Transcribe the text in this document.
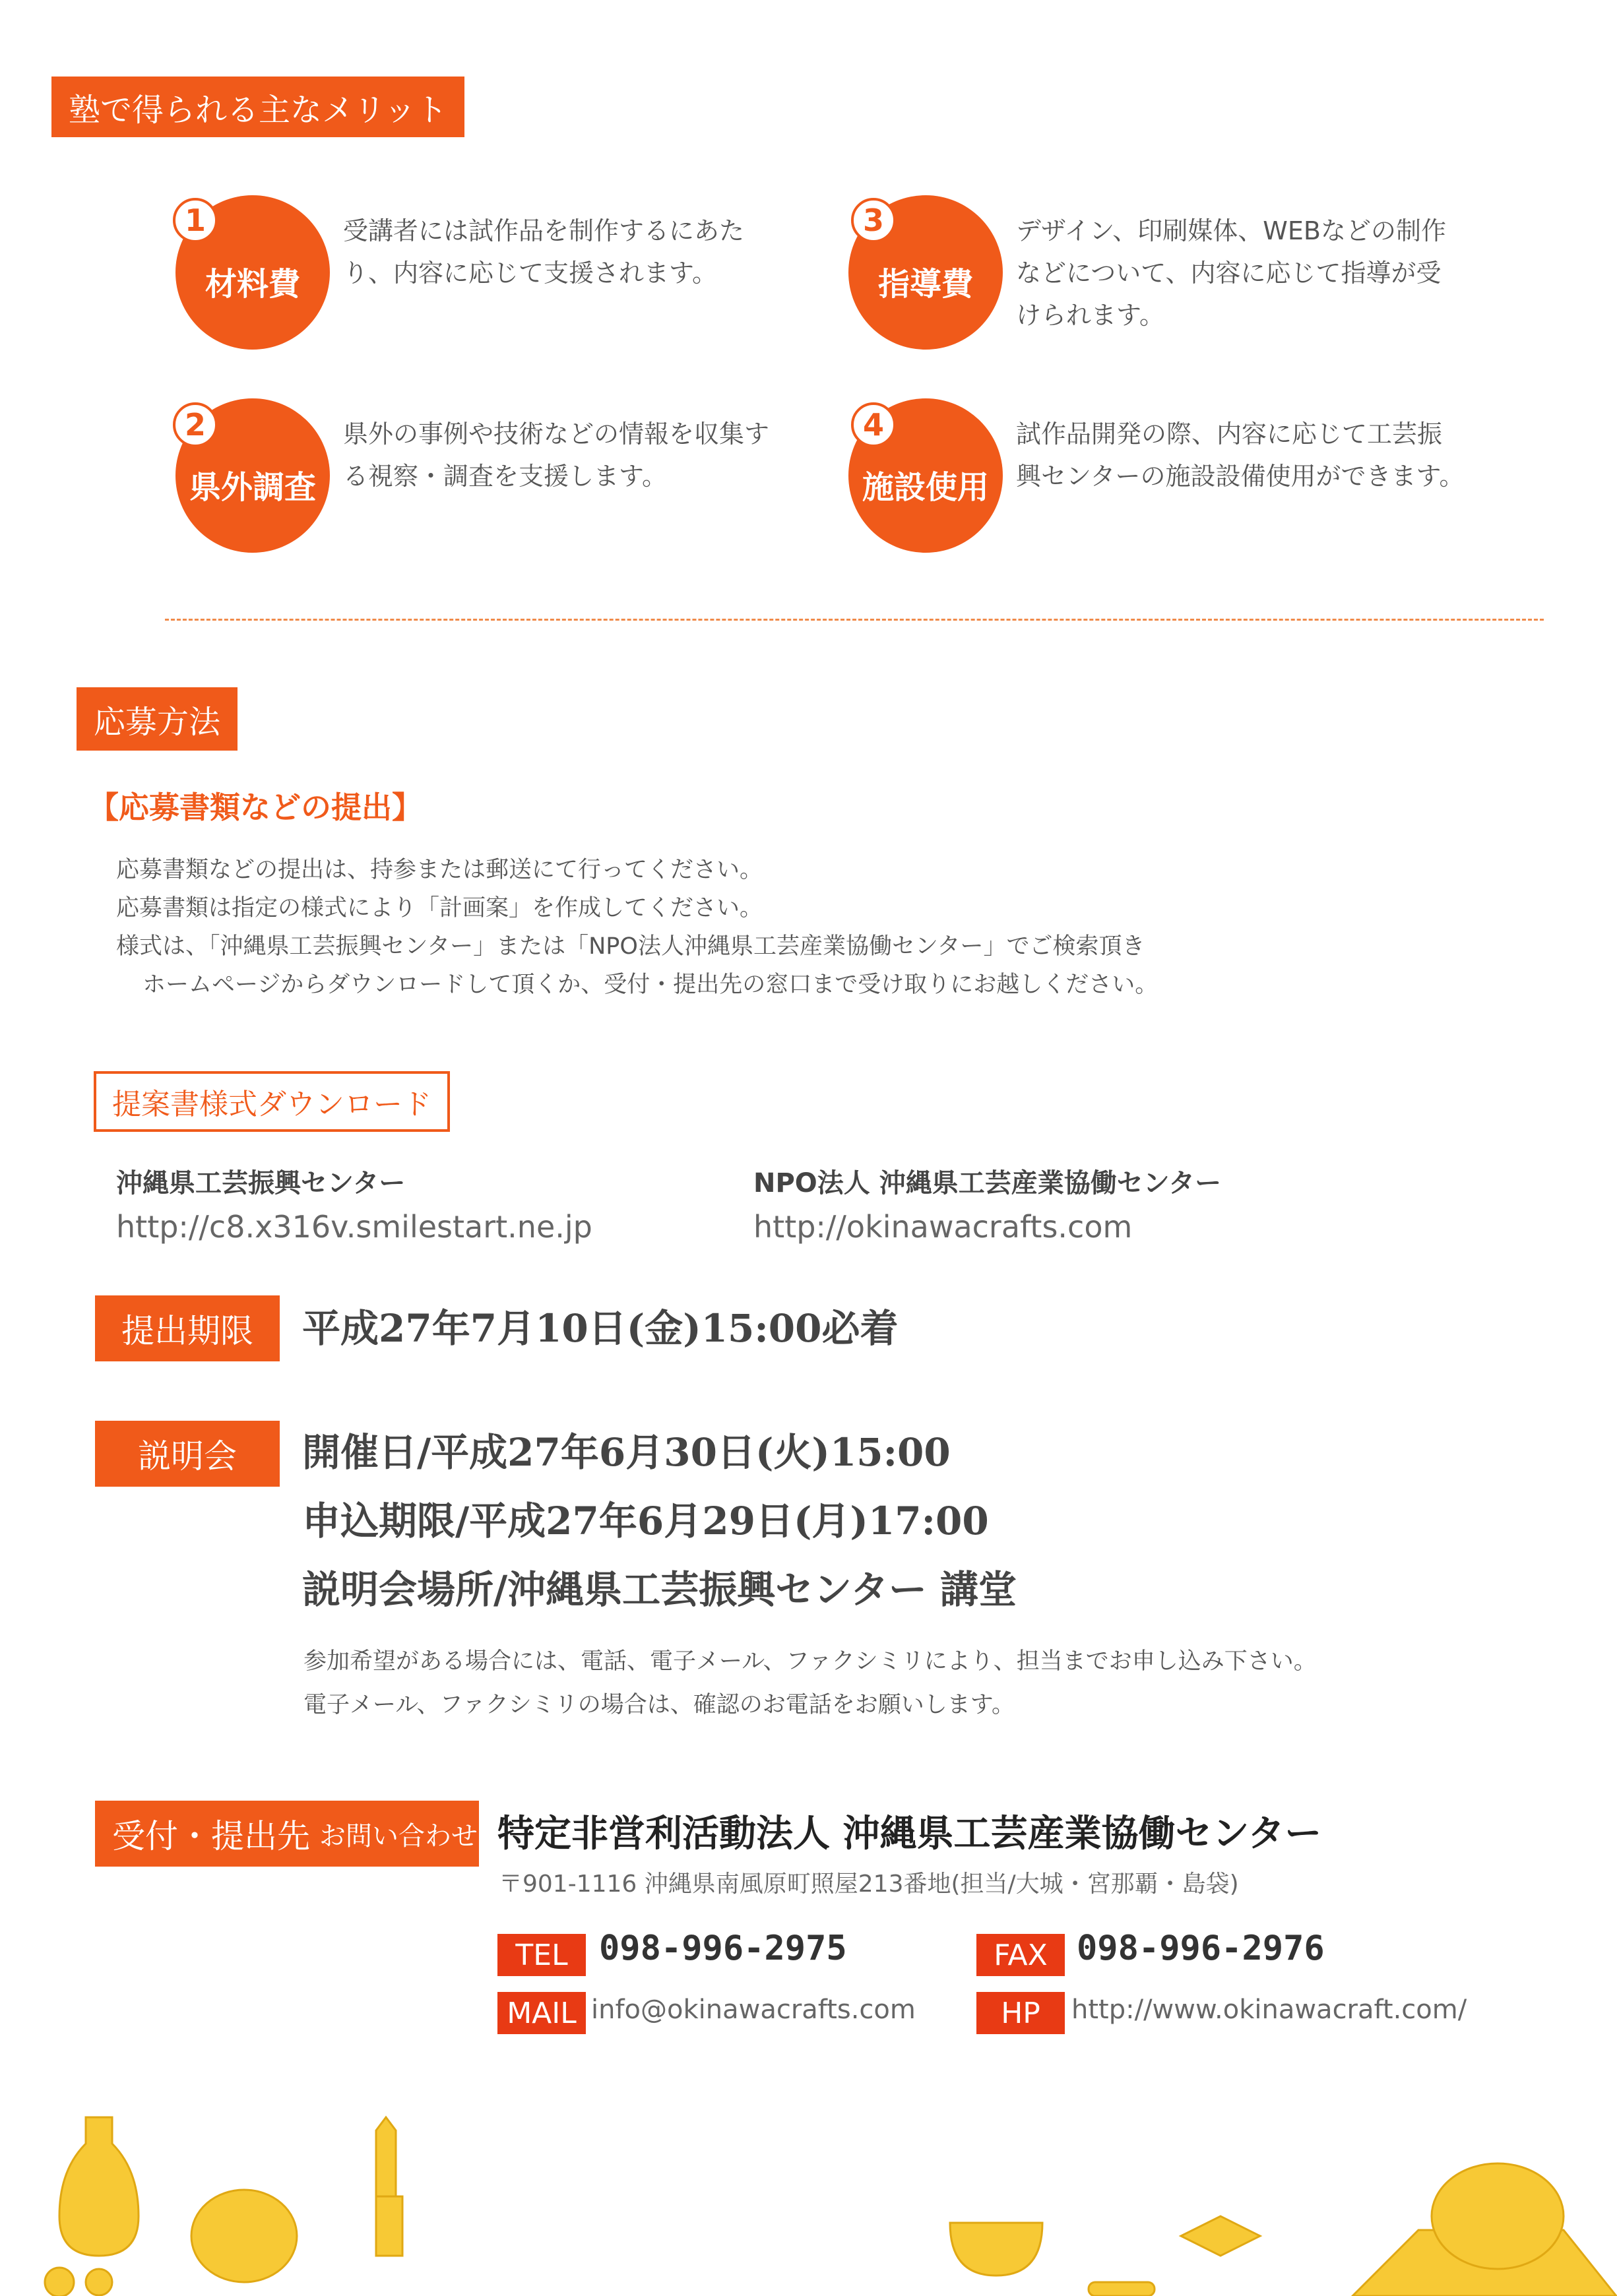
塾で得られる主なメリット
材料費
1	受講者には試作品を制作するにあたり、内容に応じて支援されます。
県外調査
2	県外の事例や技術などの情報を収集する視察・調査を支援します。
指導費
3	デザイン、印刷媒体、WEBなどの制作などについて、内容に応じて指導が受けられます。
施設使用
4	試作品開発の際、内容に応じて工芸振興センターの施設設備使用ができます。
応募方法
【応募書類などの提出】
応募書類などの提出は、持参または郵送にて行ってください。
応募書類は指定の様式により「計画案」を作成してください。
様式は、「沖縄県工芸振興センター」または「NPO法人沖縄県工芸産業協働センター」でご検索頂き
ホームページからダウンロードして頂くか、受付・提出先の窓口まで受け取りにお越しください。
提案書様式ダウンロード
沖縄県工芸振興センター
http://c8.x316v.smilestart.ne.jp
NPO法人 沖縄県工芸産業協働センター
http://okinawacrafts.com
提出期限 平成27年7月10日(金)15:00必着
説明会 開催日/平成27年6月30日(火)15:00
申込期限/平成27年6月29日(月)17:00
説明会場所/沖縄県工芸振興センター 講堂
参加希望がある場合には、電話、電子メール、ファクシミリにより、担当までお申し込み下さい。
電子メール、ファクシミリの場合は、確認のお電話をお願いします。
受付・提出先 お問い合わせ 特定非営利活動法人 沖縄県工芸産業協働センター
〒901-1116 沖縄県南風原町照屋213番地(担当/大城・宮那覇・島袋)
TEL 098-996-2975	FAX 098-996-2976
MAIL info@okinawacrafts.com	HP	http://www.okinawacraft.com/
